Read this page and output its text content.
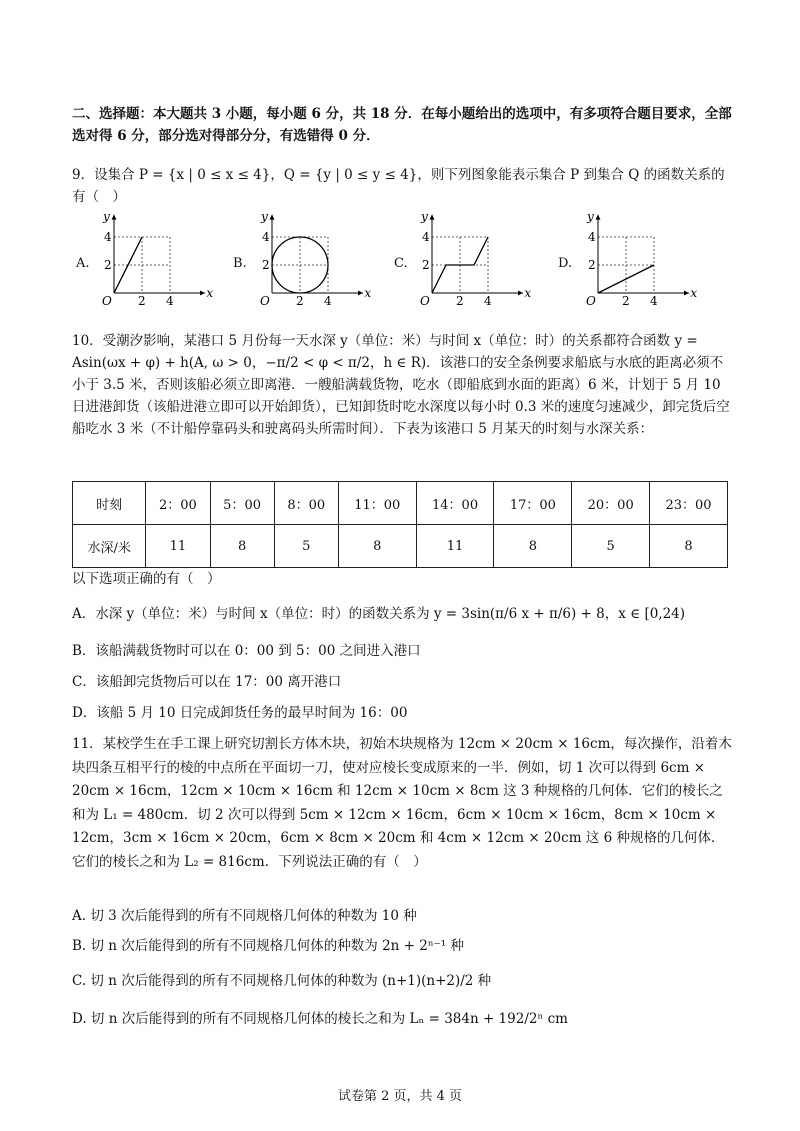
二、选择题：本大题共 3 小题，每小题 6 分，共 18 分．在每小题给出的选项中，有多项符合题目要求，全部选对得 6 分，部分选对得部分分，有选错得 0 分．

9．设集合 P = {x | 0 ≤ x ≤ 4}，Q = {y | 0 ≤ y ≤ 4}，则下列图象能表示集合 P 到集合 Q 的函数关系的有（　）

A.	B.	C.	D.
x
y
O 2 4
2
4
x
y
O 2 4
2
4
x
y
O 2 4
2
4
x
y
O 2 4
2
4

10．受潮汐影响，某港口 5 月份每一天水深 y（单位：米）与时间 x（单位：时）的关系都符合函数 y = Asin(ωx + φ) + h(A, ω > 0，−π/2 < φ < π/2，h ∈ R)．该港口的安全条例要求船底与水底的距离必须不小于 3.5 米，否则该船必须立即离港．一艘船满载货物，吃水（即船底到水面的距离）6 米，计划于 5 月 10 日进港卸货（该船进港立即可以开始卸货），已知卸货时吃水深度以每小时 0.3 米的速度匀速减少，卸完货后空船吃水 3 米（不计船停靠码头和驶离码头所需时间）．下表为该港口 5 月某天的时刻与水深关系：

时刻	2：00	5：00	8：00	11：00	14：00	17：00	20：00	23：00
水深/米	11	8	5	8	11	8	5	8

以下选项正确的有（　）

A．水深 y（单位：米）与时间 x（单位：时）的函数关系为 y = 3sin(π/6 x + π/6) + 8，x ∈ [0,24)

B．该船满载货物时可以在 0：00 到 5：00 之间进入港口

C．该船卸完货物后可以在 17：00 离开港口

D．该船 5 月 10 日完成卸货任务的最早时间为 16：00

11．某校学生在手工课上研究切割长方体木块，初始木块规格为 12cm × 20cm × 16cm，每次操作，沿着木块四条互相平行的棱的中点所在平面切一刀，使对应棱长变成原来的一半．例如，切 1 次可以得到 6cm × 20cm × 16cm，12cm × 10cm × 16cm 和 12cm × 10cm × 8cm 这 3 种规格的几何体．它们的棱长之和为 L₁ = 480cm．切 2 次可以得到 5cm × 12cm × 16cm，6cm × 10cm × 16cm，8cm × 10cm × 12cm，3cm × 16cm × 20cm，6cm × 8cm × 20cm 和 4cm × 12cm × 20cm 这 6 种规格的几何体．它们的棱长之和为 L₂ = 816cm．下列说法正确的有（　）

A. 切 3 次后能得到的所有不同规格几何体的种数为 10 种

B. 切 n 次后能得到的所有不同规格几何体的种数为 2n + 2ⁿ⁻¹ 种

C. 切 n 次后能得到的所有不同规格几何体的种数为 (n+1)(n+2)/2 种

D. 切 n 次后能得到的所有不同规格几何体的棱长之和为 Lₙ = 384n + 192/2ⁿ cm

试卷第 2 页，共 4 页
